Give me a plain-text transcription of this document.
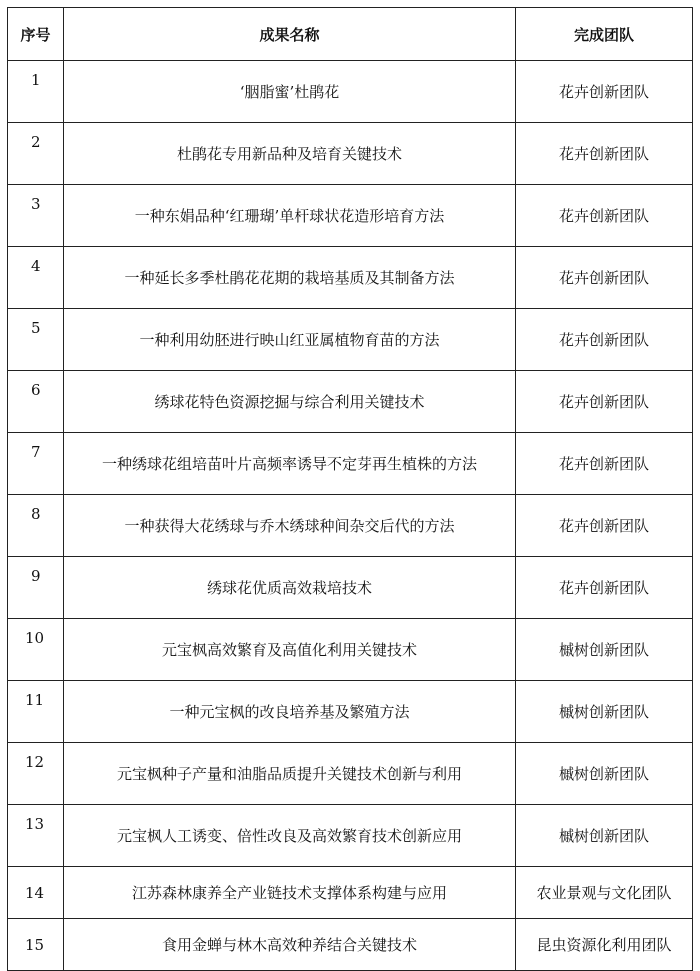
序号	成果名称	完成团队
1	‘胭脂蜜’杜鹃花	花卉创新团队
2	杜鹃花专用新品种及培育关键技术	花卉创新团队
3	一种东娟品种‘红珊瑚’单杆球状花造形培育方法	花卉创新团队
4	一种延长多季杜鹃花花期的栽培基质及其制备方法	花卉创新团队
5	一种利用幼胚进行映山红亚属植物育苗的方法	花卉创新团队
6	绣球花特色资源挖掘与综合利用关键技术	花卉创新团队
7	一种绣球花组培苗叶片高频率诱导不定芽再生植株的方法	花卉创新团队
8	一种获得大花绣球与乔木绣球种间杂交后代的方法	花卉创新团队
9	绣球花优质高效栽培技术	花卉创新团队
10	元宝枫高效繁育及高值化利用关键技术	槭树创新团队
11	一种元宝枫的改良培养基及繁殖方法	槭树创新团队
12	元宝枫种子产量和油脂品质提升关键技术创新与利用	槭树创新团队
13	元宝枫人工诱变、倍性改良及高效繁育技术创新应用	槭树创新团队
14	江苏森林康养全产业链技术支撑体系构建与应用	农业景观与文化团队
15	食用金蝉与林木高效种养结合关键技术	昆虫资源化利用团队
